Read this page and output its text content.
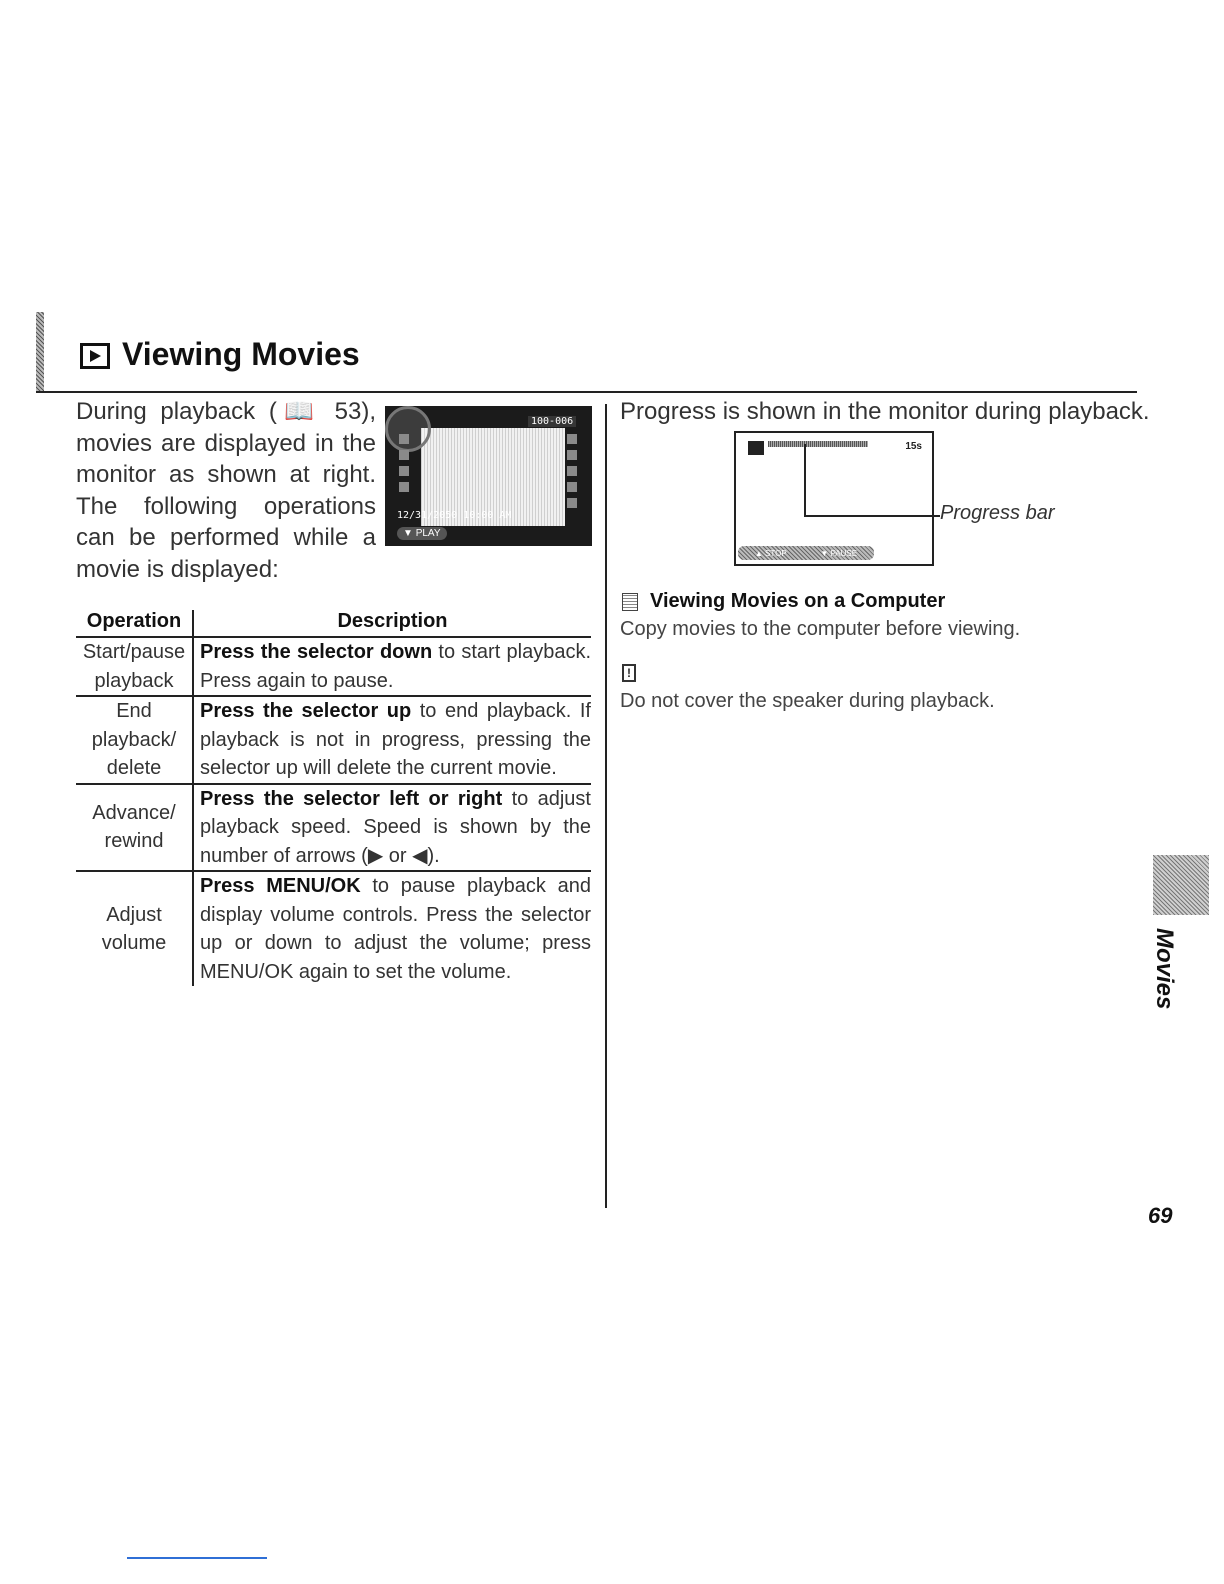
Viewing Movies
During playback (📖 53), movies are displayed in the monitor as shown at right. The following operations can be performed while a movie is displayed:
100-006
12/31/2050 10:00 AM
▼ PLAY
Operation	Description
Start/pause playback
Press the selector down to start playback. Press again to pause.
End playback/ delete
Press the selector up to end playback. If playback is not in progress, pressing the selector up will delete the current movie.
Advance/ rewind
Press the selector left or right to adjust playback speed. Speed is shown by the number of arrows (▶ or ◀).
Adjust volume
Press MENU/OK to pause playback and display volume controls. Press the selector up or down to adjust the volume; press MENU/OK again to set the volume.
Progress is shown in the monitor during playback.
15s
▲ STOP	▼ PAUSE
Progress bar
Viewing Movies on a Computer
Copy movies to the computer before viewing.
!
Do not cover the speaker during playback.
Movies
69
